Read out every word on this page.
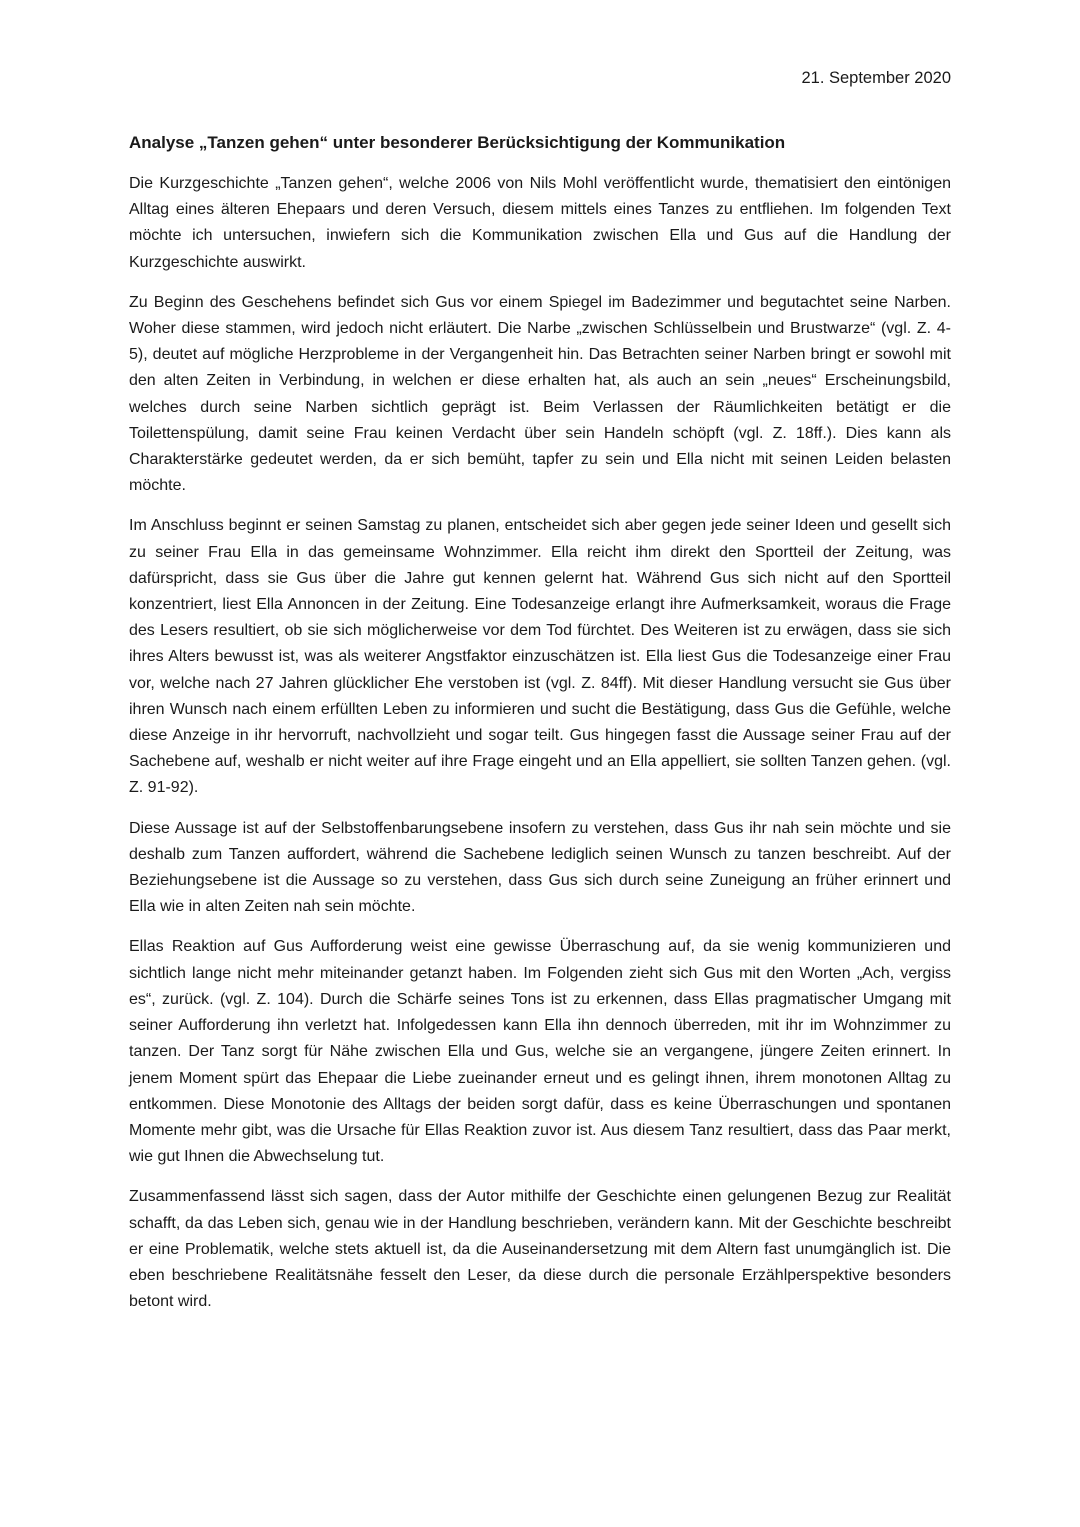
21. September 2020
Analyse „Tanzen gehen“ unter besonderer Berücksichtigung der Kommunikation

Die Kurzgeschichte „Tanzen gehen“, welche 2006 von Nils Mohl veröffentlicht wurde, thematisiert den eintönigen Alltag eines älteren Ehepaars und deren Versuch, diesem mittels eines Tanzes zu entfliehen. Im folgenden Text möchte ich untersuchen, inwiefern sich die Kommunikation zwischen Ella und Gus auf die Handlung der Kurzgeschichte auswirkt.

Zu Beginn des Geschehens befindet sich Gus vor einem Spiegel im Badezimmer und begutachtet seine Narben. Woher diese stammen, wird jedoch nicht erläutert. Die Narbe „zwischen Schlüsselbein und Brustwarze“ (vgl. Z. 4-5), deutet auf mögliche Herzprobleme in der Vergangenheit hin. Das Betrachten seiner Narben bringt er sowohl mit den alten Zeiten in Verbindung, in welchen er diese erhalten hat, als auch an sein „neues“ Erscheinungsbild, welches durch seine Narben sichtlich geprägt ist. Beim Verlassen der Räumlichkeiten betätigt er die Toilettenspülung, damit seine Frau keinen Verdacht über sein Handeln schöpft (vgl. Z. 18ff.). Dies kann als Charakterstärke gedeutet werden, da er sich bemüht, tapfer zu sein und Ella nicht mit seinen Leiden belasten möchte.

Im Anschluss beginnt er seinen Samstag zu planen, entscheidet sich aber gegen jede seiner Ideen und gesellt sich zu seiner Frau Ella in das gemeinsame Wohnzimmer. Ella reicht ihm direkt den Sportteil der Zeitung, was dafürspricht, dass sie Gus über die Jahre gut kennen gelernt hat. Während Gus sich nicht auf den Sportteil konzentriert, liest Ella Annoncen in der Zeitung. Eine Todesanzeige erlangt ihre Aufmerksamkeit, woraus die Frage des Lesers resultiert, ob sie sich möglicherweise vor dem Tod fürchtet. Des Weiteren ist zu erwägen, dass sie sich ihres Alters bewusst ist, was als weiterer Angstfaktor einzuschätzen ist. Ella liest Gus die Todesanzeige einer Frau vor, welche nach 27 Jahren glücklicher Ehe verstoben ist (vgl. Z. 84ff). Mit dieser Handlung versucht sie Gus über ihren Wunsch nach einem erfüllten Leben zu informieren und sucht die Bestätigung, dass Gus die Gefühle, welche diese Anzeige in ihr hervorruft, nachvollzieht und sogar teilt. Gus hingegen fasst die Aussage seiner Frau auf der Sachebene auf, weshalb er nicht weiter auf ihre Frage eingeht und an Ella appelliert, sie sollten Tanzen gehen. (vgl. Z. 91-92).

Diese Aussage ist auf der Selbstoffenbarungsebene insofern zu verstehen, dass Gus ihr nah sein möchte und sie deshalb zum Tanzen auffordert, während die Sachebene lediglich seinen Wunsch zu tanzen beschreibt. Auf der Beziehungsebene ist die Aussage so zu verstehen, dass Gus sich durch seine Zuneigung an früher erinnert und Ella wie in alten Zeiten nah sein möchte.

Ellas Reaktion auf Gus Aufforderung weist eine gewisse Überraschung auf, da sie wenig kommunizieren und sichtlich lange nicht mehr miteinander getanzt haben. Im Folgenden zieht sich Gus mit den Worten „Ach, vergiss es“, zurück. (vgl. Z. 104). Durch die Schärfe seines Tons ist zu erkennen, dass Ellas pragmatischer Umgang mit seiner Aufforderung ihn verletzt hat. Infolgedessen kann Ella ihn dennoch überreden, mit ihr im Wohnzimmer zu tanzen. Der Tanz sorgt für Nähe zwischen Ella und Gus, welche sie an vergangene, jüngere Zeiten erinnert. In jenem Moment spürt das Ehepaar die Liebe zueinander erneut und es gelingt ihnen, ihrem monotonen Alltag zu entkommen. Diese Monotonie des Alltags der beiden sorgt dafür, dass es keine Überraschungen und spontanen Momente mehr gibt, was die Ursache für Ellas Reaktion zuvor ist. Aus diesem Tanz resultiert, dass das Paar merkt, wie gut Ihnen die Abwechselung tut.

Zusammenfassend lässt sich sagen, dass der Autor mithilfe der Geschichte einen gelungenen Bezug zur Realität schafft, da das Leben sich, genau wie in der Handlung beschrieben, verändern kann. Mit der Geschichte beschreibt er eine Problematik, welche stets aktuell ist, da die Auseinandersetzung mit dem Altern fast unumgänglich ist. Die eben beschriebene Realitätsnähe fesselt den Leser, da diese durch die personale Erzählperspektive besonders betont wird.
